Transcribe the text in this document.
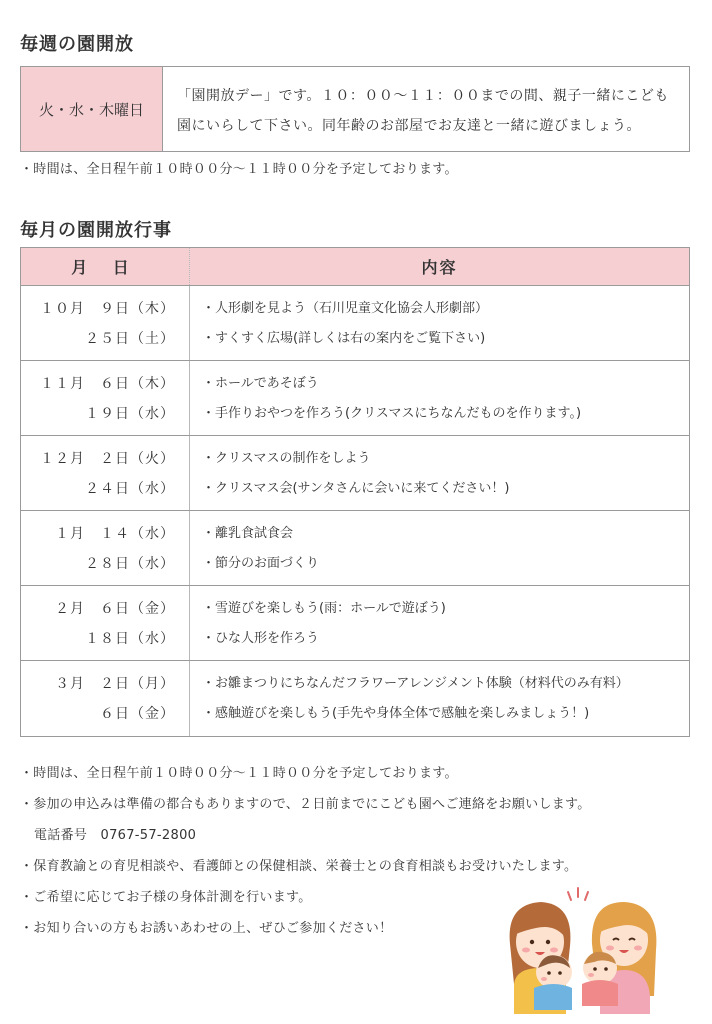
毎週の園開放
火・水・木曜日
「園開放デー」です。１０：００～１１：００までの間、親子一緒にこども園にいらして下さい。同年齢のお部屋でお友達と一緒に遊びましょう。
・時間は、全日程午前１０時００分～１１時００分を予定しております。
毎月の園開放行事
月 日	内容
１０月　９日（木）
２５日（土）
・人形劇を見よう（石川児童文化協会人形劇部）
・すくすく広場(詳しくは右の案内をご覧下さい)
１１月　６日（木）
１９日（水）
・ホールであそぼう
・手作りおやつを作ろう(クリスマスにちなんだものを作ります。)
１２月　２日（火）
２４日（水）
・クリスマスの制作をしよう
・クリスマス会(サンタさんに会いに来てください！)
１月　１４（水）
２８日（水）
・離乳食試食会
・節分のお面づくり
２月　６日（金）
１８日（水）
・雪遊びを楽しもう(雨：ホールで遊ぼう)
・ひな人形を作ろう
３月　２日（月）
６日（金）
・お雛まつりにちなんだフラワーアレンジメント体験（材料代のみ有料）
・感触遊びを楽しもう(手先や身体全体で感触を楽しみましょう！)
・時間は、全日程午前１０時００分～１１時００分を予定しております。
・参加の申込みは準備の都合もありますので、２日前までにこども園へご連絡をお願いします。
電話番号 0767-57-2800
・保育教諭との育児相談や、看護師との保健相談、栄養士との食育相談もお受けいたします。
・ご希望に応じてお子様の身体計測を行います。
・お知り合いの方もお誘いあわせの上、ぜひご参加ください！
